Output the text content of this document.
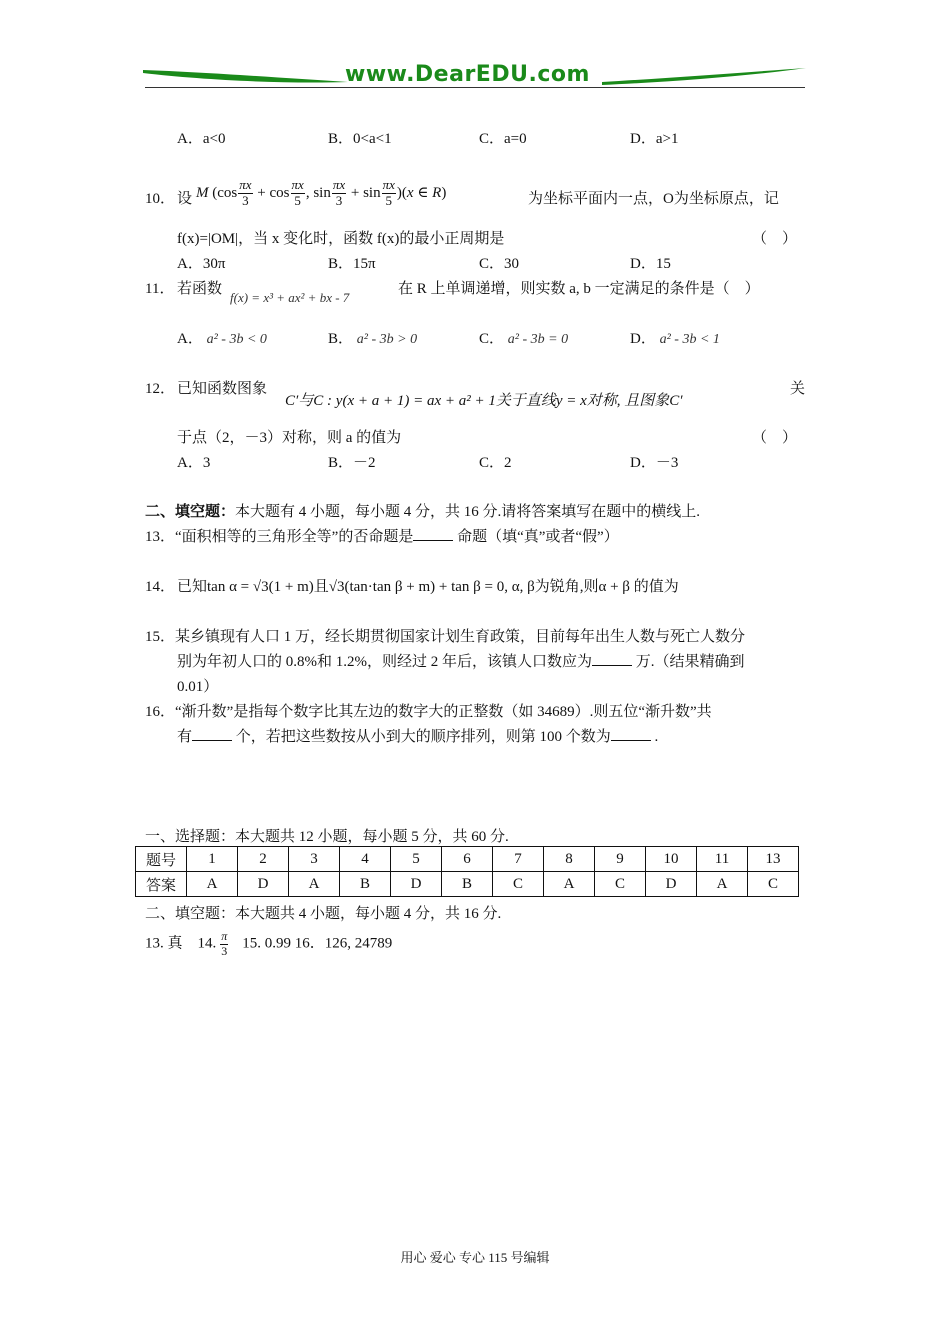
www.DearEDU.com
A．a<0	B．0<a<1	C．a=0	D．a>1
10． 设 M ($\cos \frac{\pi x}{3} + \cos \frac{\pi x}{5}$ , $\sin \frac{\pi x}{3} + \sin \frac{\pi x}{5} )(x$ ∈ R)	为坐标平面内一点，O为坐标原点，记
f(x)=|OM|，当 x 变化时，函数 f(x)的最小正周期是	（　）
A．30π	B．15π	C．30	D．15
11． 若函数
f(x) = x³ + ax² + bx - 7
在 R 上单调递增，则实数 a, b 一定满足的条件是（　）
A． a² - 3b < 0	B． a² - 3b > 0	C． a² - 3b = 0	D． a² - 3b < 1
12． 已知函数图象
C′与C : y(x + a + 1) = ax + a² + 1关于直线y = x对称, 且图象C′
关
于点（2，－3）对称，则 a 的值为	（　）
A．3	B．－2	C．2	D．－3
二、填空题：本大题有 4 小题，每小题 4 分，共 16 分.请将答案填写在题中的横线上.
13．“面积相等的三角形全等”的否命题是	命题（填“真”或者“假”）
14． 已知tan α = √3(1 + m)且√3(tan·tan β + m) + tan β = 0, α, β为锐角,则α + β 的值为
15．某乡镇现有人口 1 万，经长期贯彻国家计划生育政策，目前每年出生人数与死亡人数分
别为年初人口的 0.8%和 1.2%，则经过 2 年后，该镇人口数应为	万.（结果精确到
0.01）
16．“渐升数”是指每个数字比其左边的数字大的正整数（如 34689）.则五位“渐升数”共
有	个，若把这些数按从小到大的顺序排列，则第 100 个数为	.
一、选择题：本大题共 12 小题，每小题 5 分，共 60 分.
题号	1	2	3	4	5	6	7	8	9	10	11	13
答案	A	D	A	B	D	B	C	A	C	D	A	C
二、填空题：本大题共 4 小题，每小题 4 分，共 16 分.
13. 真　14. $\frac{\pi}{3} 15$. 0.99 16．126, 24789
用心 爱心 专心 115 号编辑
